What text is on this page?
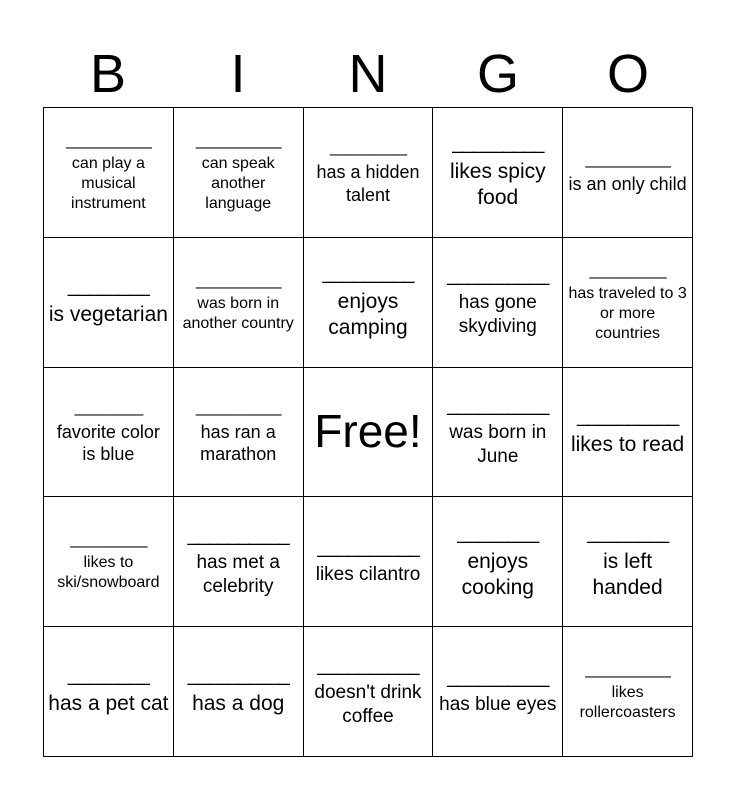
B	I	N	G	O
__________
can play a musical instrument
__________
can speak another language
_________
has a hidden talent
_________
likes spicy food
__________
is an only child
________
is vegetarian
__________
was born in another country
_________
enjoys camping
__________
has gone skydiving
_________
has traveled to 3 or more countries
________
favorite color is blue
__________
has ran a marathon Free! __________
was born in June
__________
likes to read
_________
likes to ski/snowboard
__________
has met a celebrity
__________
likes cilantro
________
enjoys cooking
________
is left handed
________
has a pet cat
__________
has a dog
__________
doesn't drink coffee
__________
has blue eyes
__________
likes rollercoasters
